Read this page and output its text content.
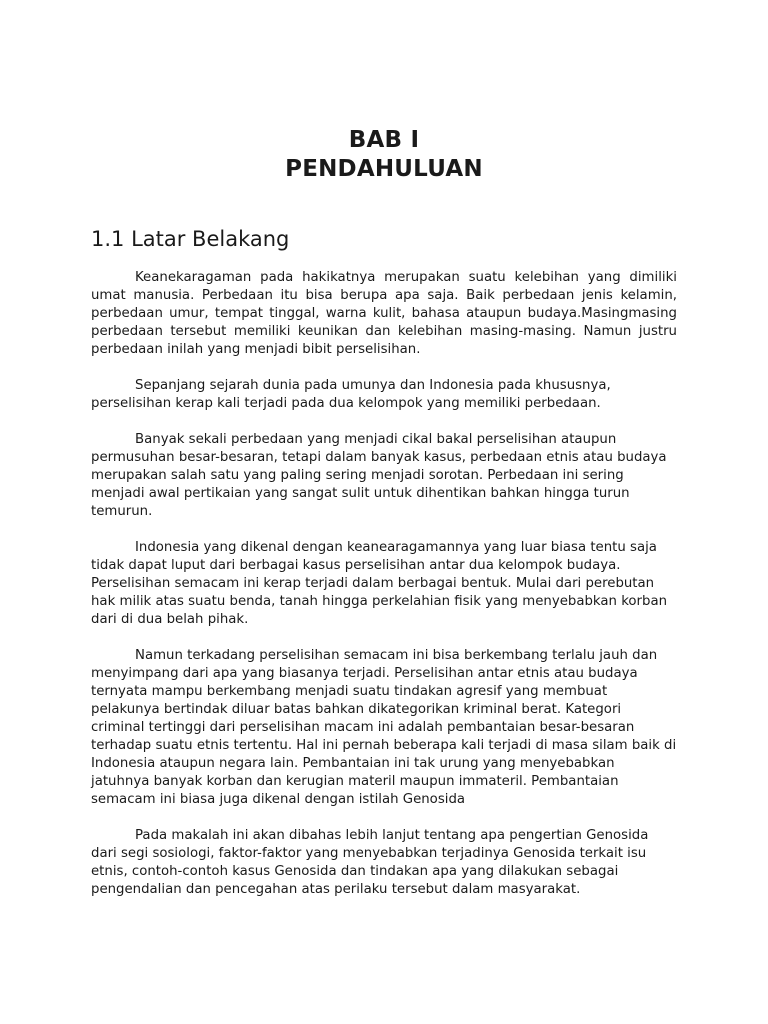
BAB I
PENDAHULUAN
1.1 Latar Belakang

Keanekaragaman pada hakikatnya merupakan suatu kelebihan yang dimiliki umat manusia. Perbedaan itu bisa berupa apa saja. Baik perbedaan jenis kelamin, perbedaan umur, tempat tinggal, warna kulit, bahasa ataupun budaya.Masingmasing perbedaan tersebut memiliki keunikan dan kelebihan masing-masing. Namun justru perbedaan inilah yang menjadi bibit perselisihan.

Sepanjang sejarah dunia pada umunya dan Indonesia pada khususnya, perselisihan kerap kali terjadi pada dua kelompok yang memiliki perbedaan.

Banyak sekali perbedaan yang menjadi cikal bakal perselisihan ataupun permusuhan besar-besaran, tetapi dalam banyak kasus, perbedaan etnis atau budaya merupakan salah satu yang paling sering menjadi sorotan. Perbedaan ini sering menjadi awal pertikaian yang sangat sulit untuk dihentikan bahkan hingga turun temurun.

Indonesia yang dikenal dengan keanearagamannya yang luar biasa tentu saja tidak dapat luput dari berbagai kasus perselisihan antar dua kelompok budaya. Perselisihan semacam ini kerap terjadi dalam berbagai bentuk. Mulai dari perebutan hak milik atas suatu benda, tanah hingga perkelahian fisik yang menyebabkan korban dari di dua belah pihak.

Namun terkadang perselisihan semacam ini bisa berkembang terlalu jauh dan menyimpang dari apa yang biasanya terjadi. Perselisihan antar etnis atau budaya ternyata mampu berkembang menjadi suatu tindakan agresif yang membuat pelakunya bertindak diluar batas bahkan dikategorikan kriminal berat. Kategori criminal tertinggi dari perselisihan macam ini adalah pembantaian besar-besaran terhadap suatu etnis tertentu. Hal ini pernah beberapa kali terjadi di masa silam baik di Indonesia ataupun negara lain. Pembantaian ini tak urung yang menyebabkan jatuhnya banyak korban dan kerugian materil maupun immateril. Pembantaian semacam ini biasa juga dikenal dengan istilah Genosida

Pada makalah ini akan dibahas lebih lanjut tentang apa pengertian Genosida dari segi sosiologi, faktor-faktor yang menyebabkan terjadinya Genosida terkait isu etnis, contoh-contoh kasus Genosida dan tindakan apa yang dilakukan sebagai pengendalian dan pencegahan atas perilaku tersebut dalam masyarakat.
